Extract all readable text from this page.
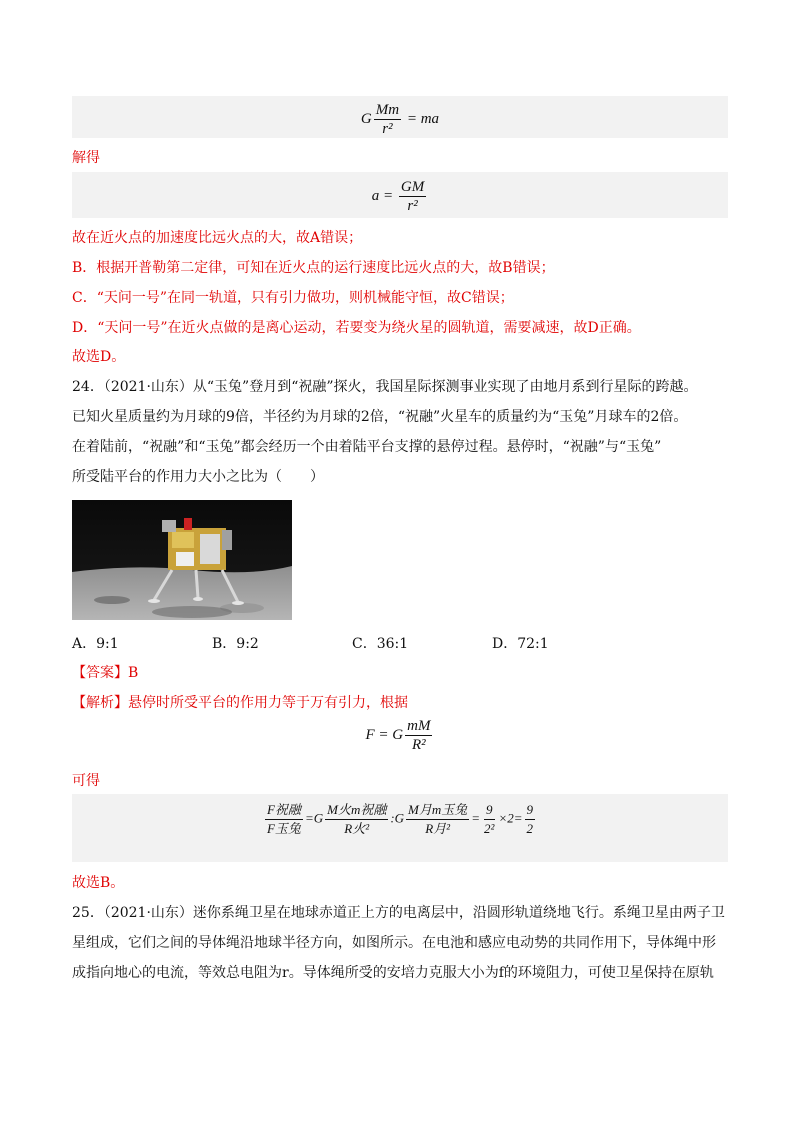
G $\frac{Mm}{\text{r²}}$ = ma
解得
$a = \frac{GM}{\text{r²}}$
故在近火点的加速度比远火点的大，故A错误；
B．根据开普勒第二定律，可知在近火点的运行速度比远火点的大，故B错误；
C．“天问一号”在同一轨道，只有引力做功，则机械能守恒，故C错误；
D．“天问一号”在近火点做的是离心运动，若要变为绕火星的圆轨道，需要减速，故D正确。
故选D。
24．（2021·山东）从“玉兔”登月到“祝融”探火，我国星际探测事业实现了由地月系到行星际的跨越。
已知火星质量约为月球的9倍，半径约为月球的2倍，“祝融”火星车的质量约为“玉兔”月球车的2倍。
在着陆前，“祝融”和“玉兔”都会经历一个由着陆平台支撑的悬停过程。悬停时，“祝融”与“玉兔”
所受陆平台的作用力大小之比为（　　）
A．9:1	B．9:2	C．36:1	D．72:1
【答案】B
【解析】悬停时所受平台的作用力等于万有引力，根据
F = G $\frac{mM}{\text{R²}}$
可得
$\frac{\text{F祝融}}{\text{F玉兔}} =G \frac{\text{M火m祝融}}{\text{R火²}}$ :G $\frac{\text{M月m玉兔}}{\text{R月²}} = \frac{9}{\text{2²}} \times 2= \frac{9}{2}$
故选B。
25．（2021·山东）迷你系绳卫星在地球赤道正上方的电离层中，沿圆形轨道绕地飞行。系绳卫星由两子卫
星组成，它们之间的导体绳沿地球半径方向，如图所示。在电池和感应电动势的共同作用下，导体绳中形
成指向地心的电流，等效总电阻为r。导体绳所受的安培力克服大小为f的环境阻力，可使卫星保持在原轨
